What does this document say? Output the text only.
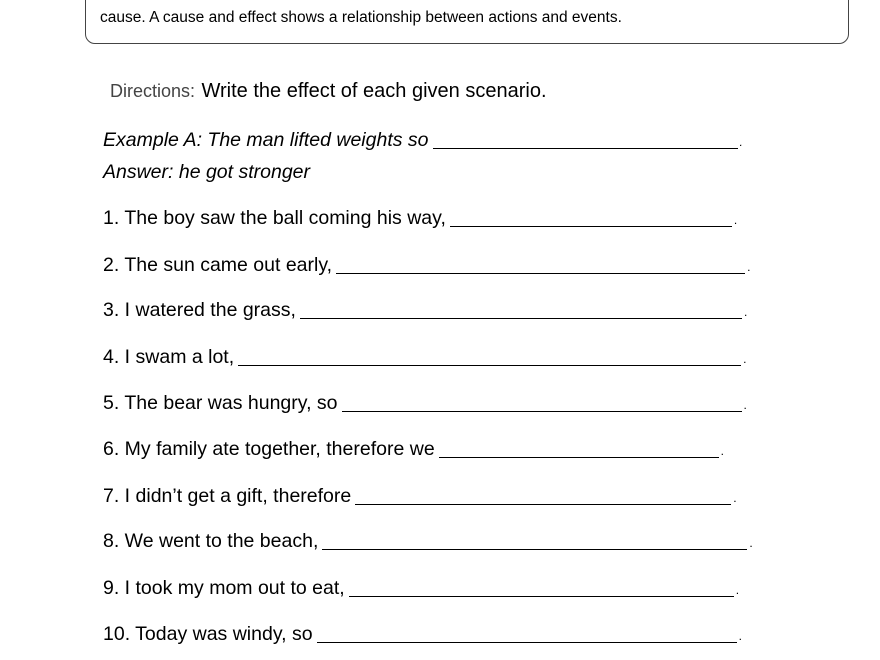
cause. A cause and effect shows a relationship between actions and events.
Directions: Write the effect of each given scenario.
Example A: The man lifted weights so	.
Answer: he got stronger
1. The boy saw the ball coming his way,	.
2. The sun came out early,	.
3. I watered the grass,	.
4. I swam a lot,	.
5. The bear was hungry, so	.
6. My family ate together, therefore we	.
7. I didn’t get a gift, therefore	.
8. We went to the beach,	.
9. I took my mom out to eat,	.
10. Today was windy, so	.
